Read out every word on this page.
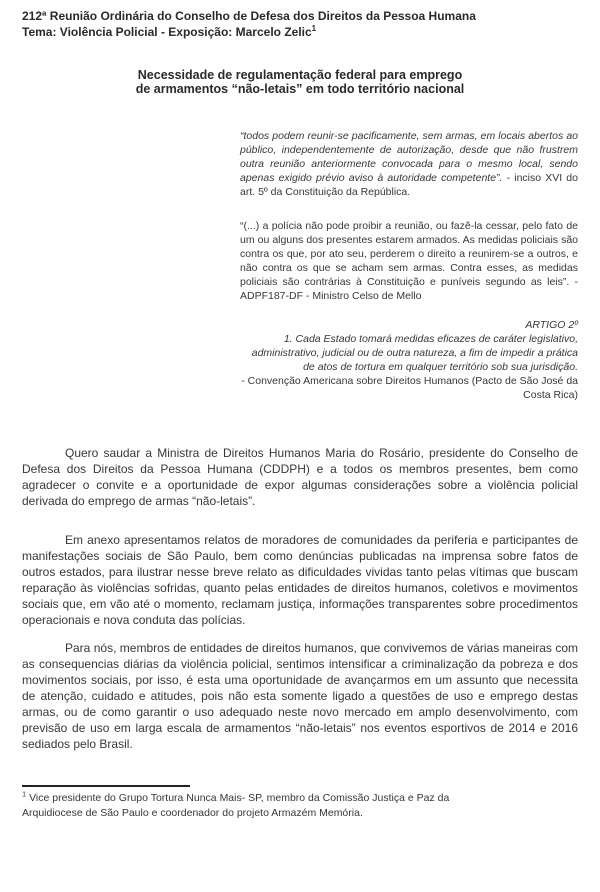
212ª Reunião Ordinária do Conselho de Defesa dos Direitos da Pessoa Humana
Tema: Violência Policial - Exposição: Marcelo Zelic$^1$
Necessidade de regulamentação federal para emprego
de armamentos “não-letais” em todo território nacional

“todos podem reunir-se pacificamente, sem armas, em locais abertos ao público, independentemente de autorização, desde que não frustrem outra reunião anteriormente convocada para o mesmo local, sendo apenas exigido prévio aviso à autoridade competente”. - inciso XVI do art. 5º da Constituição da República.

“(...) a polícia não pode proibir a reunião, ou fazê-la cessar, pelo fato de um ou alguns dos presentes estarem armados. As medidas policiais são contra os que, por ato seu, perderem o direito a reunirem-se a outros, e não contra os que se acham sem armas. Contra esses, as medidas policiais são contrárias à Constituição e puníveis segundo as leis”. - ADPF187-DF - Ministro Celso de Mello

ARTIGO 2º
1. Cada Estado tomará medidas eficazes de caráter legislativo, administrativo, judicial ou de outra natureza, a fim de impedir a prática de atos de tortura em qualquer território sob sua jurisdição.
- Convenção Americana sobre Direitos Humanos (Pacto de São José da Costa Rica)

Quero saudar a Ministra de Direitos Humanos Maria do Rosário, presidente do Conselho de Defesa dos Direitos da Pessoa Humana (CDDPH) e a todos os membros presentes, bem como agradecer o convite e a oportunidade de expor algumas considerações sobre a violência policial derivada do emprego de armas “não-letais”.

Em anexo apresentamos relatos de moradores de comunidades da periferia e participantes de manifestações sociais de São Paulo, bem como denúncias publicadas na imprensa sobre fatos de outros estados, para ilustrar nesse breve relato as dificuldades vividas tanto pelas vítimas que buscam reparação às violências sofridas, quanto pelas entidades de direitos humanos, coletivos e movimentos sociais que, em vão até o momento, reclamam justiça, informações transparentes sobre procedimentos operacionais e nova conduta das polícias.

Para nós, membros de entidades de direitos humanos, que convivemos de várias maneiras com as consequencias diárias da violência policial, sentimos intensificar a criminalização da pobreza e dos movimentos sociais, por isso, é esta uma oportunidade de avançarmos em um assunto que necessita de atenção, cuidado e atitudes, pois não esta somente ligado a questões de uso e emprego destas armas, ou de como garantir o uso adequado neste novo mercado em amplo desenvolvimento, com previsão de uso em larga escala de armamentos “não-letais” nos eventos esportivos de 2014 e 2016 sediados pelo Brasil.

$^1$ Vice presidente do Grupo Tortura Nunca Mais- SP, membro da Comissão Justiça e Paz da Arquidiocese de São Paulo e coordenador do projeto Armazém Memória.
